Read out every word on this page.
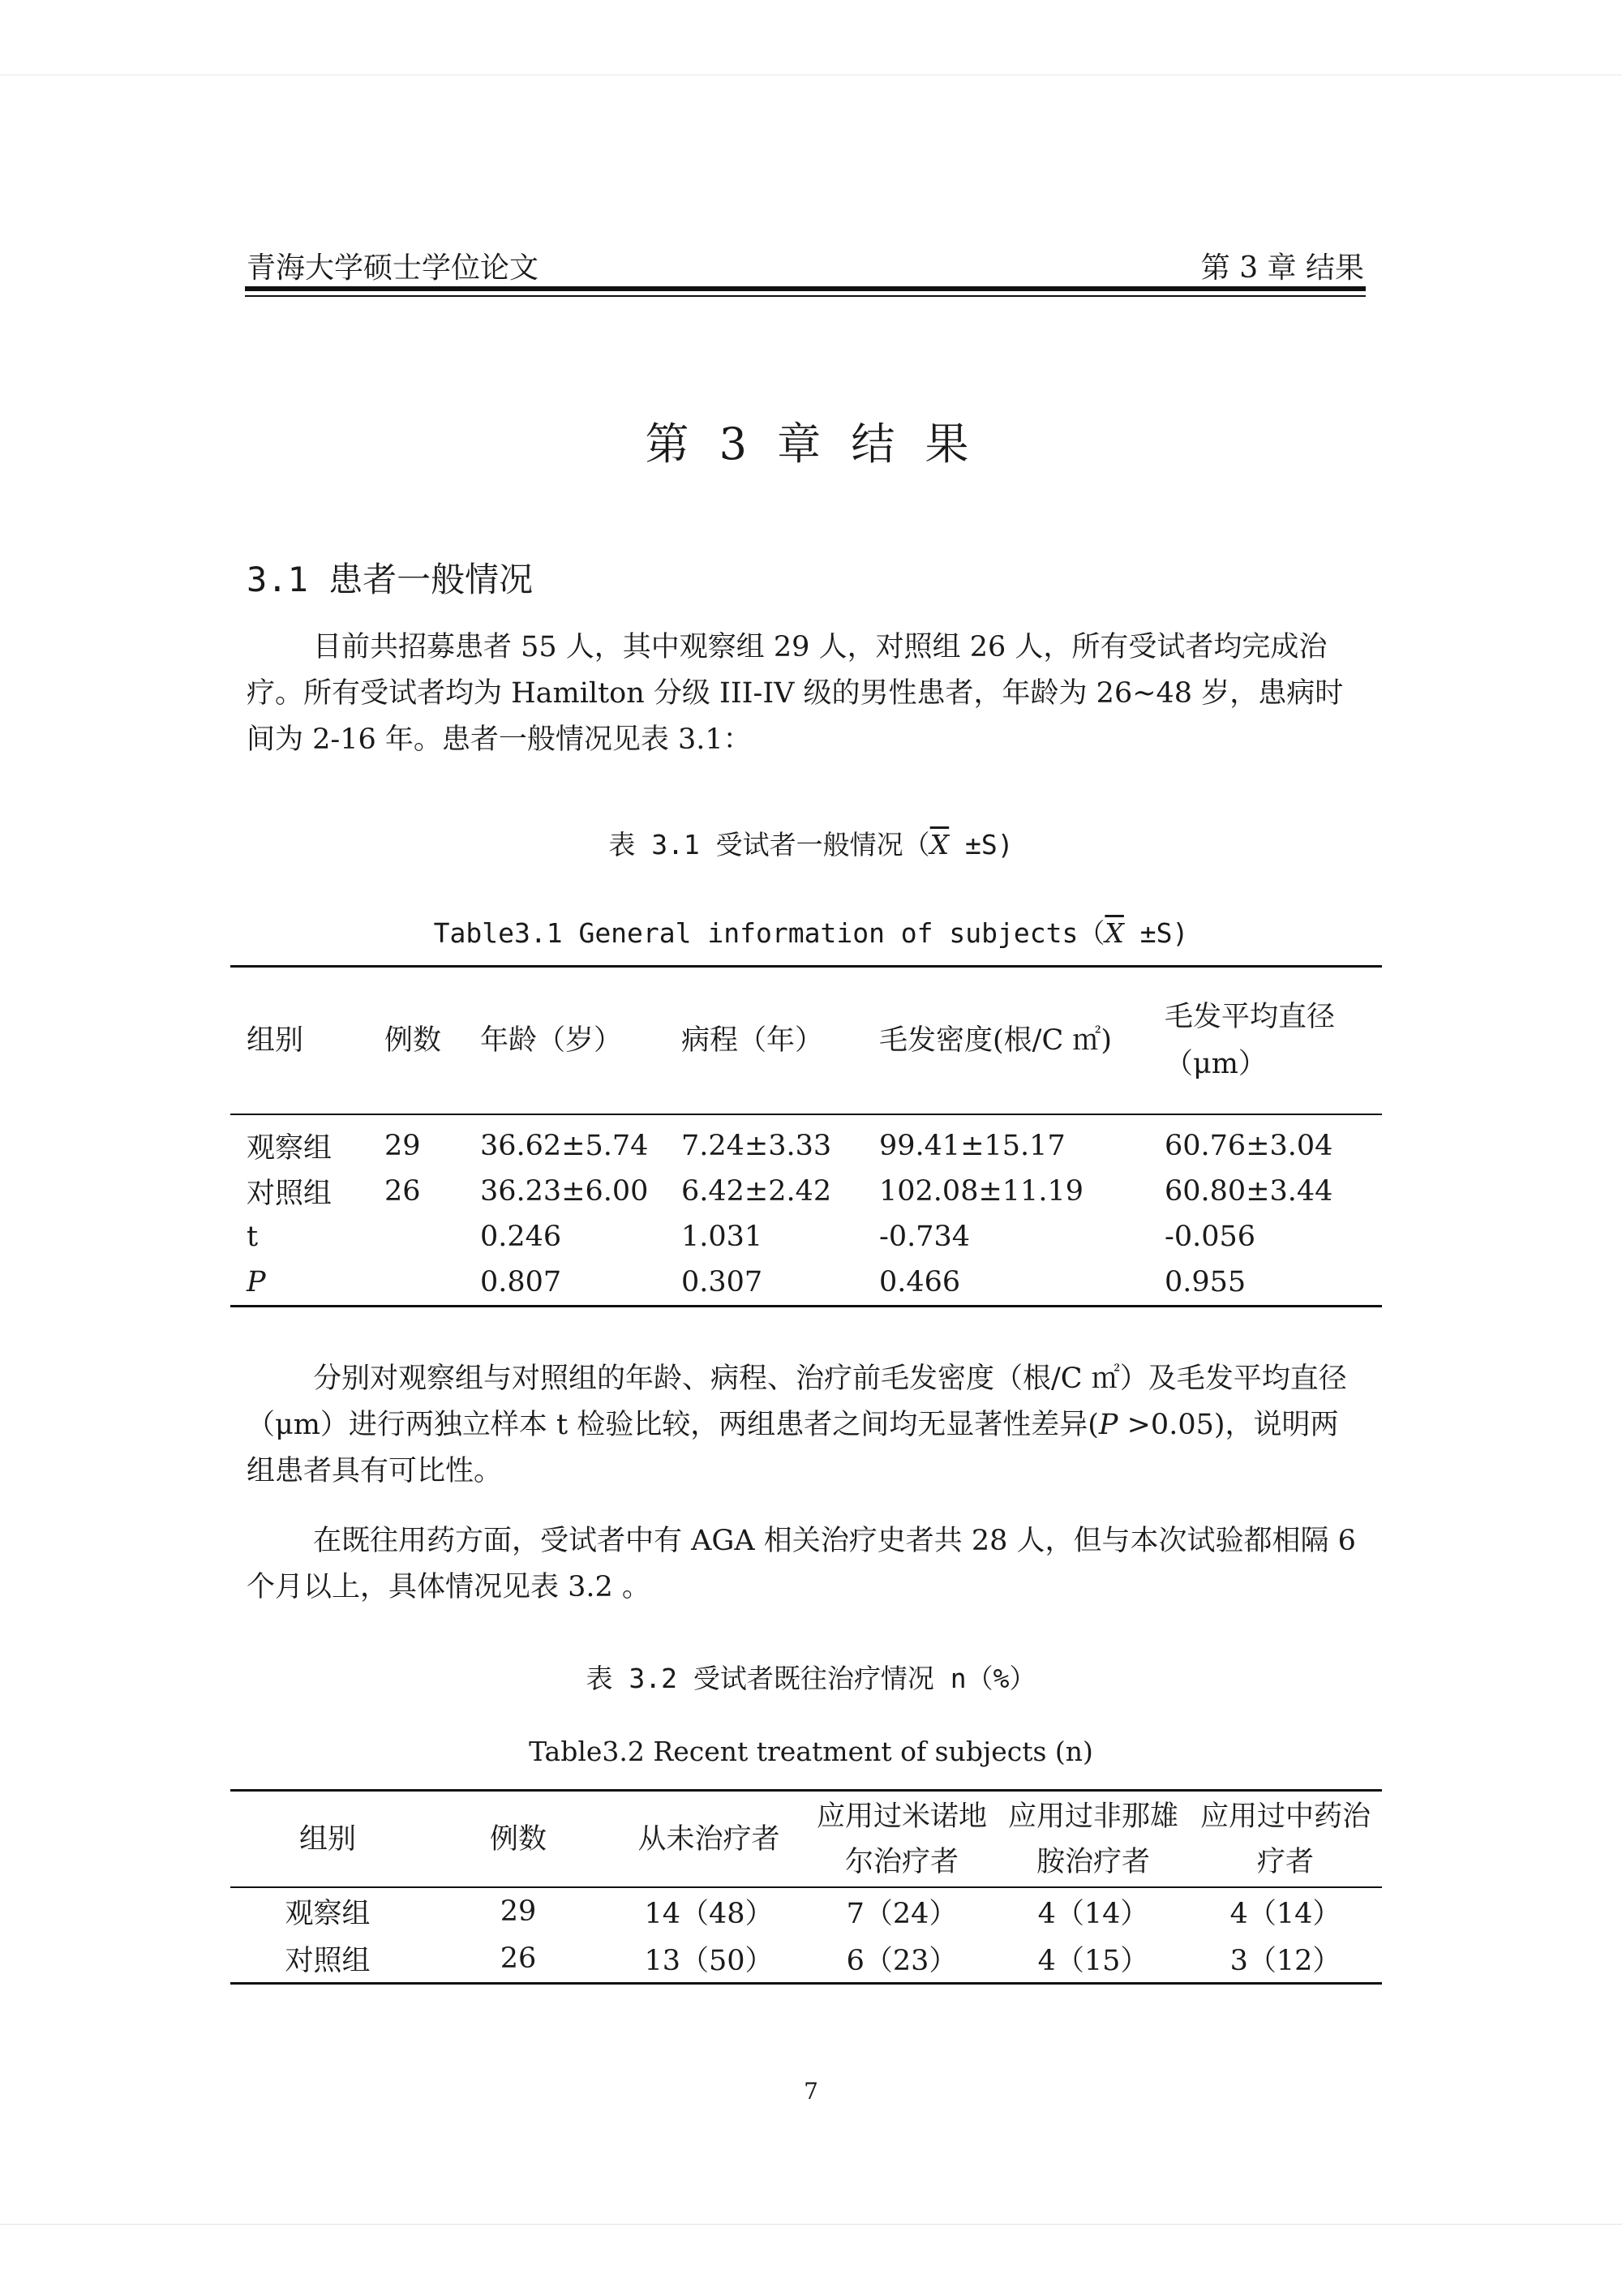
青海大学硕士学位论文	第 3 章 结果
第 3 章 结 果
3.1 患者一般情况
目前共招募患者 55 人，其中观察组 29 人，对照组 26 人，所有受试者均完成治疗。所有受试者均为 Hamilton 分级 III-IV 级的男性患者，年龄为 26~48 岁，患病时间为 2-16 年。患者一般情况见表 3.1：
表 3.1 受试者一般情况$(\overline{X} \pm S)$
Table3.1 General information of $subjects(\overline{X} \pm S)$
组别	例数	年龄（岁）	病程（年）	毛发密度(根/C ㎡)	毛发平均直径（μm）
观察组	29	36.62±5.74	7.24±3.33	99.41±15.17	60.76±3.04
对照组	26	36.23±6.00	6.42±2.42	102.08±11.19	60.80±3.44
t		0.246	1.031	-0.734	-0.056
P		0.807	0.307	0.466	0.955
分别对观察组与对照组的年龄、病程、治疗前毛发密度（根/C ㎡）及毛发平均直径（μm）进行两独立样本 t 检验比较，两组患者之间均无显著性差异(P >0.05)，说明两组患者具有可比性。
在既往用药方面，受试者中有 AGA 相关治疗史者共 28 人，但与本次试验都相隔 6 个月以上，具体情况见表 3.2 。
表 3.2 受试者既往治疗情况 n（%）
Table3.2 Recent treatment of subjects (n)
组别	例数	从未治疗者	应用过米诺地尔治疗者	应用过非那雄胺治疗者	应用过中药治疗者
观察组	29	14（48）	7（24）	4（14）	4（14）
对照组	26	13（50）	6（23）	4（15）	3（12）
7
